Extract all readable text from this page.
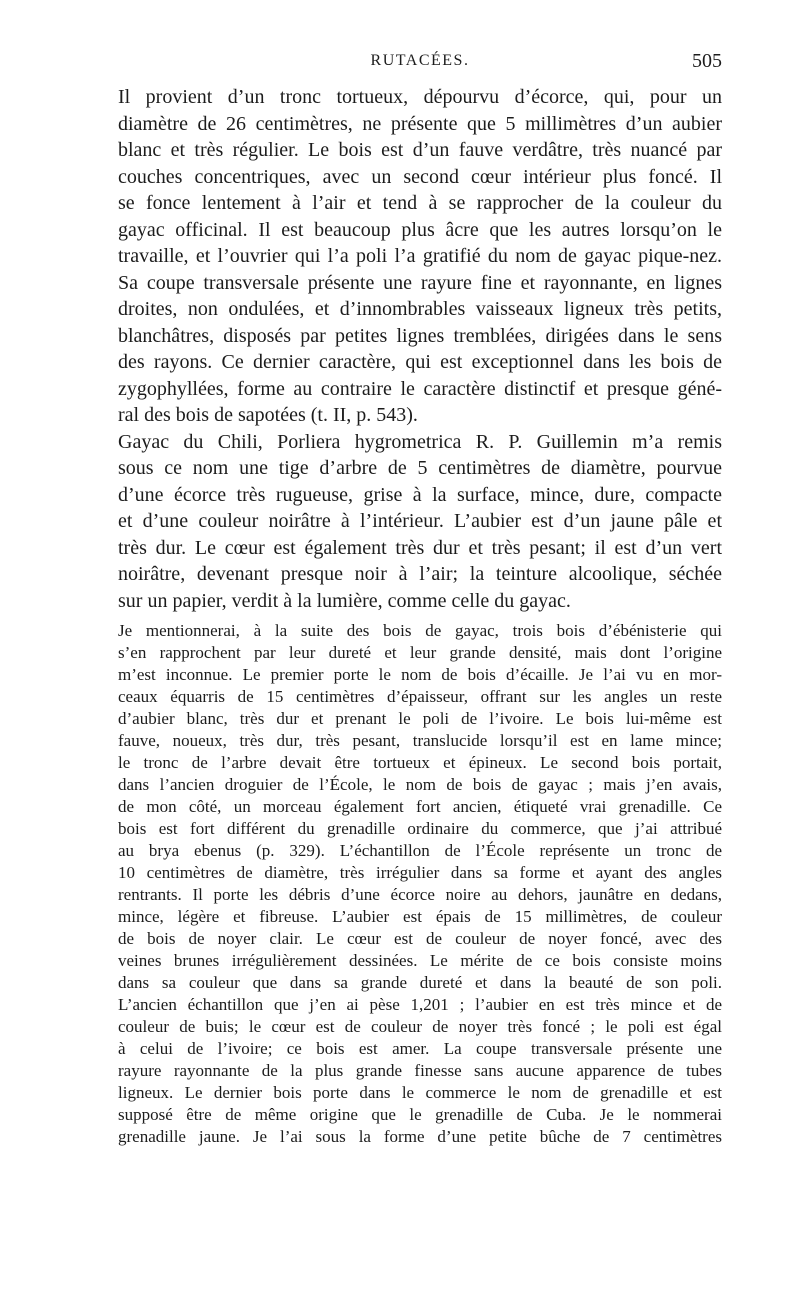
RUTACÉES.	505
Il provient d’un tronc tortueux, dépourvu d’écorce, qui, pour un
diamètre de 26 centimètres, ne présente que 5 millimètres d’un aubier
blanc et très régulier. Le bois est d’un fauve verdâtre, très nuancé par
couches concentriques, avec un second cœur intérieur plus foncé. Il
se fonce lentement à l’air et tend à se rapprocher de la couleur du
gayac officinal. Il est beaucoup plus âcre que les autres lorsqu’on le
travaille, et l’ouvrier qui l’a poli l’a gratifié du nom de gayac pique-nez.
Sa coupe transversale présente une rayure fine et rayonnante, en lignes
droites, non ondulées, et d’innombrables vaisseaux ligneux très petits,
blanchâtres, disposés par petites lignes tremblées, dirigées dans le sens
des rayons. Ce dernier caractère, qui est exceptionnel dans les bois de
zygophyllées, forme au contraire le caractère distinctif et presque géné-
ral des bois de sapotées (t. II, p. 543).
Gayac du Chili, Porliera hygrometrica R. P. Guillemin m’a remis
sous ce nom une tige d’arbre de 5 centimètres de diamètre, pourvue
d’une écorce très rugueuse, grise à la surface, mince, dure, compacte
et d’une couleur noirâtre à l’intérieur. L’aubier est d’un jaune pâle et
très dur. Le cœur est également très dur et très pesant; il est d’un vert
noirâtre, devenant presque noir à l’air; la teinture alcoolique, séchée
sur un papier, verdit à la lumière, comme celle du gayac.
Je mentionnerai, à la suite des bois de gayac, trois bois d’ébénisterie qui
s’en rapprochent par leur dureté et leur grande densité, mais dont l’origine
m’est inconnue. Le premier porte le nom de bois d’écaille. Je l’ai vu en mor-
ceaux équarris de 15 centimètres d’épaisseur, offrant sur les angles un reste
d’aubier blanc, très dur et prenant le poli de l’ivoire. Le bois lui-même est
fauve, noueux, très dur, très pesant, translucide lorsqu’il est en lame mince;
le tronc de l’arbre devait être tortueux et épineux. Le second bois portait,
dans l’ancien droguier de l’École, le nom de bois de gayac ; mais j’en avais,
de mon côté, un morceau également fort ancien, étiqueté vrai grenadille. Ce
bois est fort différent du grenadille ordinaire du commerce, que j’ai attribué
au brya ebenus (p. 329). L’échantillon de l’École représente un tronc de
10 centimètres de diamètre, très irrégulier dans sa forme et ayant des angles
rentrants. Il porte les débris d’une écorce noire au dehors, jaunâtre en dedans,
mince, légère et fibreuse. L’aubier est épais de 15 millimètres, de couleur
de bois de noyer clair. Le cœur est de couleur de noyer foncé, avec des
veines brunes irrégulièrement dessinées. Le mérite de ce bois consiste moins
dans sa couleur que dans sa grande dureté et dans la beauté de son poli.
L’ancien échantillon que j’en ai pèse 1,201 ; l’aubier en est très mince et de
couleur de buis; le cœur est de couleur de noyer très foncé ; le poli est égal
à celui de l’ivoire; ce bois est amer. La coupe transversale présente une
rayure rayonnante de la plus grande finesse sans aucune apparence de tubes
ligneux. Le dernier bois porte dans le commerce le nom de grenadille et est
supposé être de même origine que le grenadille de Cuba. Je le nommerai
grenadille jaune. Je l’ai sous la forme d’une petite bûche de 7 centimètres
